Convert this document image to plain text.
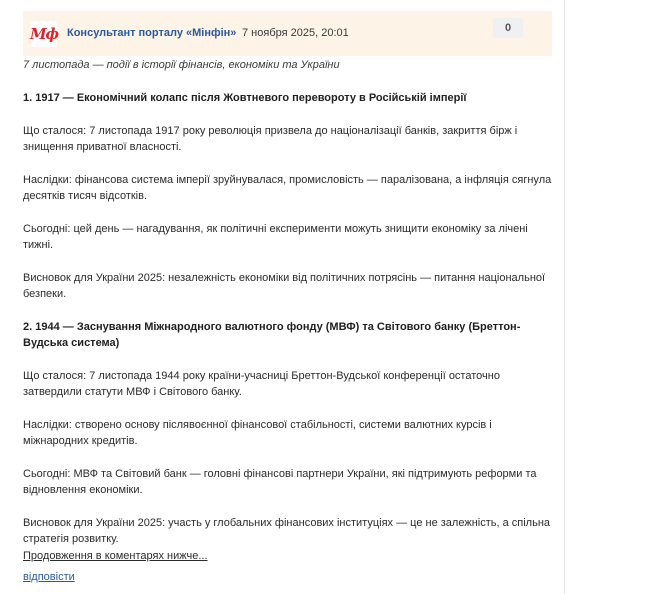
Мф Консультант порталу «Мінфін» 7 ноября 2025, 20:01	0
7 листопада — події в історії фінансів, економіки та України

1. 1917 — Економічний колапс після Жовтневого перевороту в Російській імперії

Що сталося: 7 листопада 1917 року революція призвела до націоналізації банків, закриття бірж і знищення приватної власності.

Наслідки: фінансова система імперії зруйнувалася, промисловість — паралізована, а інфляція сягнула десятків тисяч відсотків.

Сьогодні: цей день — нагадування, як політичні експерименти можуть знищити економіку за лічені тижні.

Висновок для України 2025: незалежність економіки від політичних потрясінь — питання національної безпеки.

2. 1944 — Заснування Міжнародного валютного фонду (МВФ) та Світового банку (Бреттон-Вудська система)

Що сталося: 7 листопада 1944 року країни-учасниці Бреттон-Вудської конференції остаточно затвердили статути МВФ і Світового банку.

Наслідки: створено основу післявоєнної фінансової стабільності, системи валютних курсів і міжнародних кредитів.

Сьогодні: МВФ та Світовий банк — головні фінансові партнери України, які підтримують реформи та відновлення економіки.

Висновок для України 2025: участь у глобальних фінансових інституціях — це не залежність, а спільна стратегія розвитку.

Продовження в коментарях нижче...
відповісти
